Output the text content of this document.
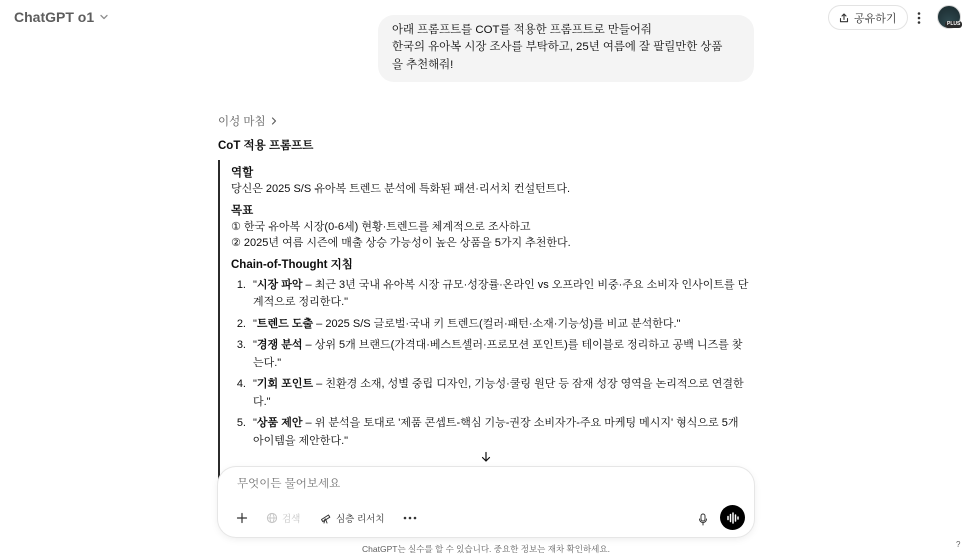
ChatGPT o1	공유하기	PLUS
아래 프롬프트를 COT를 적용한 프롬프트로 만들어줘
한국의 유아복 시장 조사를 부탁하고, 25년 여름에 잘 팔릴만한 상품
을 추천해줘!
이성 마침
CoT 적용 프롬프트
역할
당신은 2025 S/S 유아복 트렌드 분석에 특화된 패션·리서치 컨설턴트다.
목표
① 한국 유아복 시장(0-6세) 현황·트렌드를 체계적으로 조사하고
② 2025년 여름 시즌에 매출 상승 가능성이 높은 상품을 5가지 추천한다.
Chain-of-Thought 지침
1. "시장 파악 – 최근 3년 국내 유아복 시장 규모·성장률·온라인 vs 오프라인 비중·주요 소비자 인사이트를 단계적으로 정리한다."
2. "트렌드 도출 – 2025 S/S 글로벌·국내 키 트렌드(컬러·패턴·소재·기능성)를 비교 분석한다."
3. "경쟁 분석 – 상위 5개 브랜드(가격대·베스트셀러·프로모션 포인트)를 테이블로 정리하고 공백 니즈를 찾는다."
4. "기회 포인트 – 친환경 소재, 성별 중립 디자인, 기능성·쿨링 원단 등 잠재 성장 영역을 논리적으로 연결한다."
5. "상품 제안 – 위 분석을 토대로 '제품 콘셉트-핵심 기능-권장 소비자가-주요 마케팅 메시지' 형식으로 5개 아이템을 제안한다."
무엇이든 물어보세요
검색	심층 리서치
ChatGPT는 실수를 할 수 있습니다. 중요한 정보는 재차 확인하세요.	?
